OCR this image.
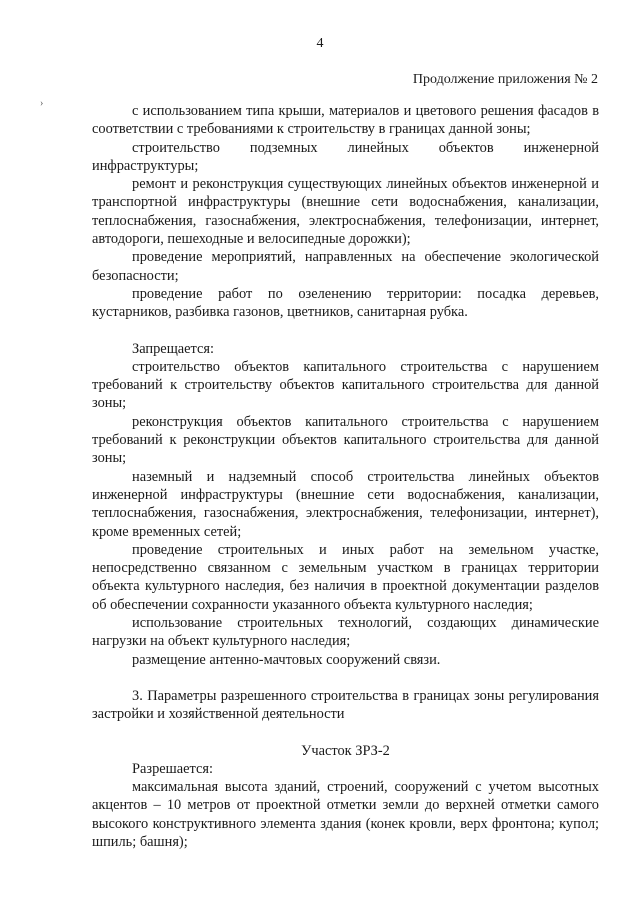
4
Продолжение приложения № 2
›	с использованием типа крыши, материалов и цветового решения фасадов в соответствии с требованиями к строительству в границах данной зоны;

строительство подземных линейных объектов инженерной инфраструктуры;

ремонт и реконструкция существующих линейных объектов инженерной и транспортной инфраструктуры (внешние сети водоснабжения, канализации, теплоснабжения, газоснабжения, электроснабжения, телефонизации, интернет, автодороги, пешеходные и велосипедные дорожки);

проведение мероприятий, направленных на обеспечение экологической безопасности;

проведение работ по озеленению территории: посадка деревьев, кустарников, разбивка газонов, цветников, санитарная рубка.

Запрещается:

строительство объектов капитального строительства с нарушением требований к строительству объектов капитального строительства для данной зоны;

реконструкция объектов капитального строительства с нарушением требований к реконструкции объектов капитального строительства для данной зоны;

наземный и надземный способ строительства линейных объектов инженерной инфраструктуры (внешние сети водоснабжения, канализации, теплоснабжения, газоснабжения, электроснабжения, телефонизации, интернет), кроме временных сетей;

проведение строительных и иных работ на земельном участке, непосредственно связанном с земельным участком в границах территории объекта культурного наследия, без наличия в проектной документации разделов об обеспечении сохранности указанного объекта культурного наследия;

использование строительных технологий, создающих динамические нагрузки на объект культурного наследия;

размещение антенно-мачтовых сооружений связи.

3. Параметры разрешенного строительства в границах зоны регулирования застройки и хозяйственной деятельности

Участок ЗРЗ-2

Разрешается:

максимальная высота зданий, строений, сооружений с учетом высотных акцентов – 10 метров от проектной отметки земли до верхней отметки самого высокого конструктивного элемента здания (конек кровли, верх фронтона; купол; шпиль; башня);
